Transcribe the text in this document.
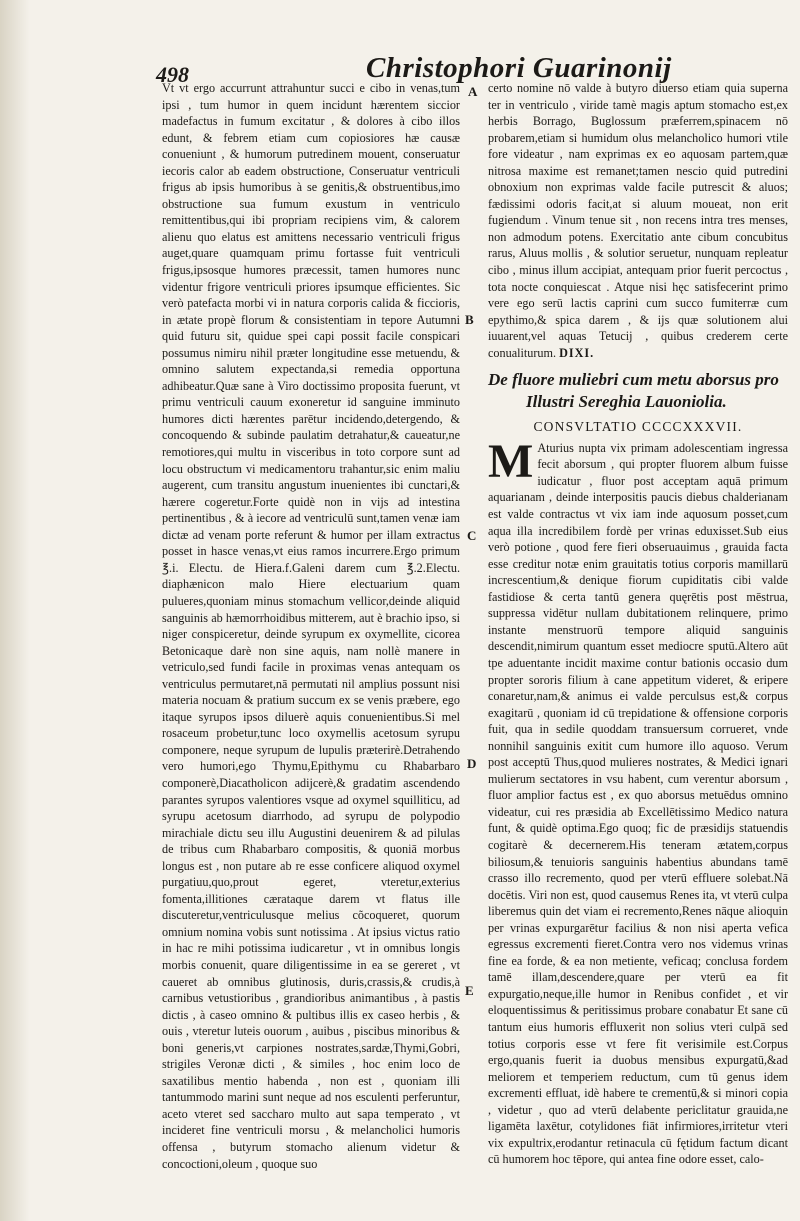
498	Christophori Guarinonij

Vt vt ergo accurrunt attrahuntur succi e cibo in venas,tum ipsi , tum humor in quem incidunt hærentem siccior madefactus in fumum excitatur , & dolores à cibo illos edunt, & febrem etiam cum copiosiores hæ causæ conueniunt , & humorum putredinem mouent, conseruatur iecoris calor ab eadem obstructione, Conseruatur ventriculi frigus ab ipsis humoribus à se genitis,& obstruentibus,imo obstructione sua fumum exustum in ventriculo remittentibus,qui ibi propriam recipiens vim, & calorem alienu quo elatus est amittens necessario ventriculi frigus auget,quare quamquam primu fortasse fuit ventriculi frigus,ipsosque humores præcessit, tamen humores nunc videntur frigore ventriculi priores ipsumque efficientes. Sic verò patefacta morbi vi in natura corporis calida & ficcioris, in ætate propè florum & consistentiam in tepore Autumni quid futuru sit, quidue spei capi possit facile conspicari possumus nimiru nihil præter longitudine esse metuendu, & omnino salutem expectanda,si remedia opportuna adhibeatur.Quæ sane à Viro doctissimo proposita fuerunt, vt primu ventriculi cauum exoneretur id sanguine imminuto humores dicti hærentes parētur incidendo,detergendo, & concoquendo & subinde paulatim detrahatur,& caueatur,ne remotiores,qui multu in visceribus in toto corpore sunt ad locu obstructum vi medicamentoru trahantur,sic enim maliu augerent, cum transitu angustum inuenientes ibi cunctari,& hærere cogeretur.Forte quidè non in vijs ad intestina pertinentibus , & à iecore ad ventriculū sunt,tamen venæ iam dictæ ad venam porte referunt & humor per illam extractus posset in hasce venas,vt eius ramos incurrere.Ergo primum ℥.i. Electu. de Hiera.f.Galeni darem cum ℥.2.Electu. diaphænicon malo Hiere electuarium quam pulueres,quoniam minus stomachum vellicor,deinde aliquid sanguinis ab hæmorrhoidibus mitterem, aut è brachio ipso, si niger conspiceretur, deinde syrupum ex oxymellite, cicorea Betonicaque darè non sine aquis, nam nollè manere in vetriculo,sed fundi facile in proximas venas antequam os ventriculus permutaret,nā permutati nil amplius possunt nisi materia nocuam & pratium succum ex se venis præbere, ego itaque syrupos ipsos diluerè aquis conuenientibus.Si mel rosaceum probetur,tunc loco oxymellis acetosum syrupu componere, neque syrupum de lupulis præterirè.Detrahendo vero humori,ego Thymu,Epithymu cu Rhabarbaro componerè,Diacatholicon adijcerè,& gradatim ascendendo parantes syrupos valentiores vsque ad oxymel squilliticu, ad syrupu acetosum diarrhodo, ad syrupu de polypodio mirachiale dictu seu illu Augustini deuenirem & ad pilulas de tribus cum Rhabarbaro compositis, & quoniā morbus longus est , non putare ab re esse conficere aliquod oxymel purgatiuu,quo,prout egeret, vteretur,exterius fomenta,illitiones cærataque darem vt flatus ille discuteretur,ventriculusque melius cõcoqueret, quorum omnium nomina vobis sunt notissima . At ipsius victus ratio in hac re mihi potissima iudicaretur , vt in omnibus longis morbis conuenit, quare diligentissime in ea se gereret , vt caueret ab omnibus glutinosis, duris,crassis,& crudis,à carnibus vetustioribus , grandioribus animantibus , à pastis dictis , à caseo omnino & pultibus illis ex caseo herbis , & ouis , vteretur luteis ouorum , auibus , piscibus minoribus & boni generis,vt carpiones nostrates,sardæ,Thymi,Gobri, strigiles Veronæ dicti , & similes , hoc enim loco de saxatilibus mentio habenda , non est , quoniam illi tantummodo marini sunt neque ad nos esculenti perferuntur, aceto vteret sed saccharo multo aut sapa temperato , vt incideret fine ventriculi morsu , & melancholici humoris offensa , butyrum stomacho alienum videtur & concoctioni,oleum , quoque suo

A
B
C
D
E

certo nomine nō valde à butyro diuerso etiam quia superna ter in ventriculo , viride tamè magis aptum stomacho est,ex herbis Borrago, Buglossum præferrem,spinacem nō probarem,etiam si humidum olus melancholico humori vtile fore videatur , nam exprimas ex eo aquosam partem,quæ nitrosa maxime est remanet;tamen nescio quid putredini obnoxium non exprimas valde facile putrescit & aluos; fædissimi odoris facit,at si aluum moueat, non erit fugiendum . Vinum tenue sit , non recens intra tres menses, non admodum potens. Exercitatio ante cibum concubitus rarus, Aluus mollis , & solutior seruetur, nunquam repleatur cibo , minus illum accipiat, antequam prior fuerit percoctus , tota nocte conquiescat . Atque nisi hęc satisfecerint primo vere ego serū lactis caprini cum succo fumiterræ cum epythimo,& spica darem , & ijs quæ solutionem alui iuuarent,vel aquas Tetucij , quibus crederem certe conualiturum. DIXI.

De fluore muliebri cum metu aborsus pro
Illustri Sereghia Lauoniolia.
CONSVLTATIO CCCCXXXVII.

M Aturius nupta vix primam adolescentiam ingressa fecit aborsum , qui propter fluorem album fuisse iudicatur , fluor post acceptam aquā primum aquarianam , deinde interpositis paucis diebus chalderianam est valde contractus vt vix iam inde aquosum posset,cum aqua illa incredibilem fordè per vrinas eduxisset.Sub eius verò potione , quod fere fieri obseruauimus , grauida facta esse creditur notæ enim grauitatis totius corporis mamillarū increscentium,& denique fiorum cupiditatis cibi valde fastidiose & certa tantū genera quęrētis post mēstrua, suppressa vidētur nullam dubitationem relinquere, primo instante menstruorū tempore aliquid sanguinis descendit,nimirum quantum esset mediocre sputū.Altero aūt tpe aduentante incidit maxime contur bationis occasio dum propter sororis filium à cane appetitum videret, & eripere conaretur,nam,& animus ei valde perculsus est,& corpus exagitarū , quoniam id cū trepidatione & offensione corporis fuit, qua in sedile quoddam transuersum corrueret, vnde nonnihil sanguinis exitit cum humore illo aquoso. Verum post acceptū Thus,quod mulieres nostrates, & Medici ignari mulierum sectatores in vsu habent, cum verentur aborsum , fluor amplior factus est , ex quo aborsus metuēdus omnino videatur, cui res præsidia ab Excellētissimo Medico natura funt, & quidè optima.Ego quoq; fic de præsidijs statuendis cogitarè & decernerem.His teneram ætatem,corpus biliosum,& tenuioris sanguinis habentius abundans tamē crasso illo recremento, quod per vterū effluere solebat.Nā docētis. Viri non est, quod causemus Renes ita, vt vterū culpa liberemus quin det viam ei recremento,Renes nāque alioquin per vrinas expurgarētur facilius & non nisi aperta vefica egressus excrementi fieret.Contra vero nos videmus vrinas fine ea forde, & ea non metiente, veficaq; conclusa fordem tamē illam,descendere,quare per vterū ea fit expurgatio,neque,ille humor in Renibus confidet , et vir eloquentissimus & peritissimus probare conabatur Et sane cū tantum eius humoris effluxerit non solius vteri culpā sed totius corporis esse vt fere fit verisimile est.Corpus ergo,quanis fuerit ia duobus mensibus expurgatū,&ad meliorem et temperiem reductum, cum tū genus idem excrementi effluat, idè habere te crementū,& si minori copia , videtur , quo ad vterū delabente periclitatur grauida,ne ligamēta laxētur, cotylidones fiāt infirmiores,irritetur vteri vix expultrix,erodantur retinacula cū fętidum factum dicant cū humorem hoc tēpore, qui antea fine odore esset, calo-
